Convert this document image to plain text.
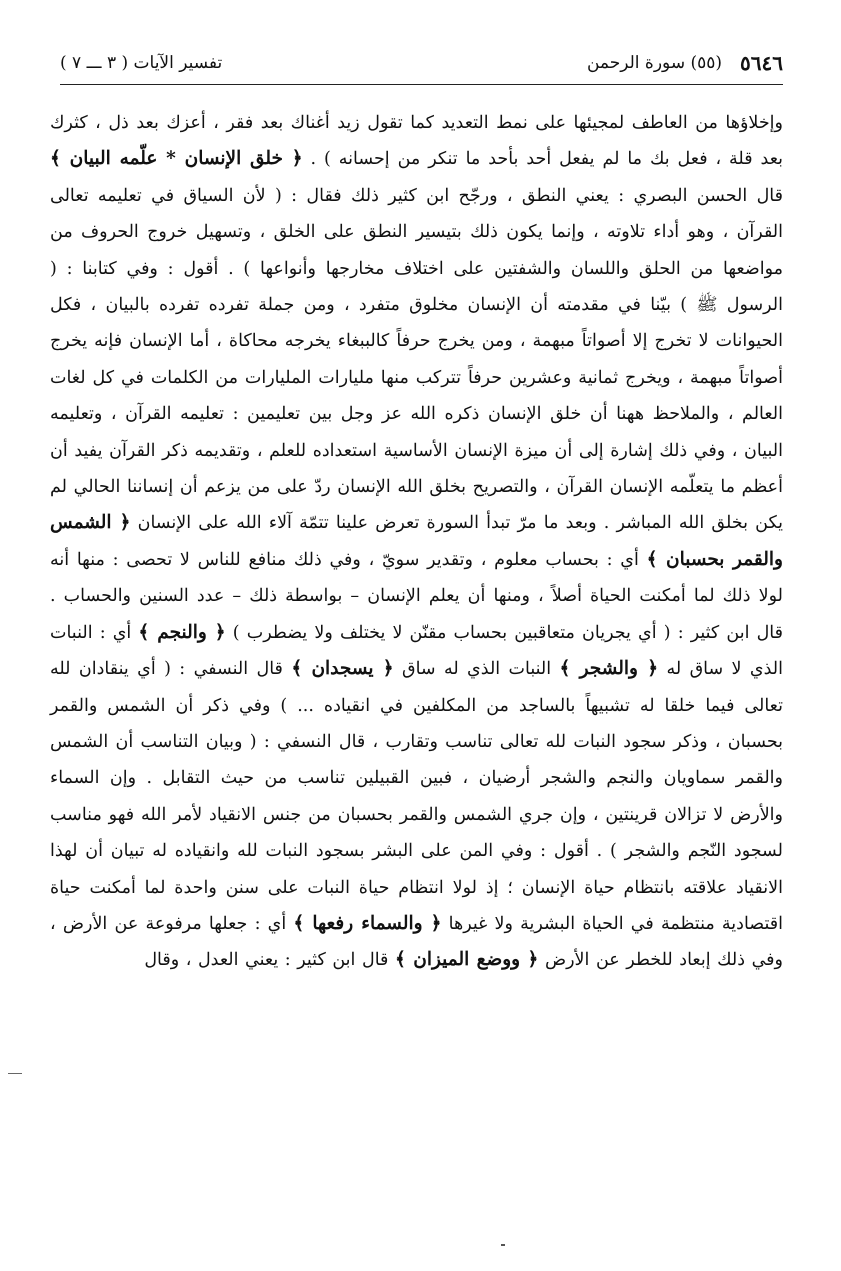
٥٦٤٦
(٥٥) سورة الرحمن
تفسير الآيات ( ٣ ـــ ٧ )

وإخلاؤها من العاطف لمجيئها على نمط التعديد كما تقول زيد أغناك بعد فقر ، أعزك بعد ذل ، كثرك بعد قلة ، فعل بك ما لم يفعل أحد بأحد ما تنكر من إحسانه ) . ﴿ خلق الإنسان * علّمه البيان ﴾ قال الحسن البصري : يعني النطق ، ورجّح ابن كثير ذلك فقال : ( لأن السياق في تعليمه تعالى القرآن ، وهو أداء تلاوته ، وإنما يكون ذلك بتيسير النطق على الخلق ، وتسهيل خروج الحروف من مواضعها من الحلق واللسان والشفتين على اختلاف مخارجها وأنواعها ) . أقول : وفي كتابنا : ( الرسول ﷺ ) بيّنا في مقدمته أن الإنسان مخلوق متفرد ، ومن جملة تفرده تفرده بالبيان ، فكل الحيوانات لا تخرج إلا أصواتاً مبهمة ، ومن يخرج حرفاً كالببغاء يخرجه محاكاة ، أما الإنسان فإنه يخرج أصواتاً مبهمة ، ويخرج ثمانية وعشرين حرفاً تتركب منها مليارات المليارات من الكلمات في كل لغات العالم ، والملاحظ ههنا أن خلق الإنسان ذكره الله عز وجل بين تعليمين : تعليمه القرآن ، وتعليمه البيان ، وفي ذلك إشارة إلى أن ميزة الإنسان الأساسية استعداده للعلم ، وتقديمه ذكر القرآن يفيد أن أعظم ما يتعلّمه الإنسان القرآن ، والتصريح بخلق الله الإنسان ردّ على من يزعم أن إنساننا الحالي لم يكن بخلق الله المباشر . وبعد ما مرّ تبدأ السورة تعرض علينا تتمّة آلاء الله على الإنسان ﴿ الشمس والقمر بحسبان ﴾ أي : بحساب معلوم ، وتقدير سويّ ، وفي ذلك منافع للناس لا تحصى : منها أنه لولا ذلك لما أمكنت الحياة أصلاً ، ومنها أن يعلم الإنسان – بواسطة ذلك – عدد السنين والحساب . قال ابن كثير : ( أي يجريان متعاقبين بحساب مقنّن لا يختلف ولا يضطرب ) ﴿ والنجم ﴾ أي : النبات الذي لا ساق له ﴿ والشجر ﴾ النبات الذي له ساق ﴿ يسجدان ﴾ قال النسفي : ( أي ينقادان لله تعالى فيما خلقا له تشبيهاً بالساجد من المكلفين في انقياده ... ) وفي ذكر أن الشمس والقمر بحسبان ، وذكر سجود النبات لله تعالى تناسب وتقارب ، قال النسفي : ( وبيان التناسب أن الشمس والقمر سماويان والنجم والشجر أرضيان ، فبين القبيلين تناسب من حيث التقابل . وإن السماء والأرض لا تزالان قرينتين ، وإن جري الشمس والقمر بحسبان من جنس الانقياد لأمر الله فهو مناسب لسجود النّجم والشجر ) . أقول : وفي المن على البشر بسجود النبات لله وانقياده له تبيان أن لهذا الانقياد علاقته بانتظام حياة الإنسان ؛ إذ لولا انتظام حياة النبات على سنن واحدة لما أمكنت حياة اقتصادية منتظمة في الحياة البشرية ولا غيرها ﴿ والسماء رفعها ﴾ أي : جعلها مرفوعة عن الأرض ، وفي ذلك إبعاد للخطر عن الأرض ﴿ ووضع الميزان ﴾ قال ابن كثير : يعني العدل ، وقال
